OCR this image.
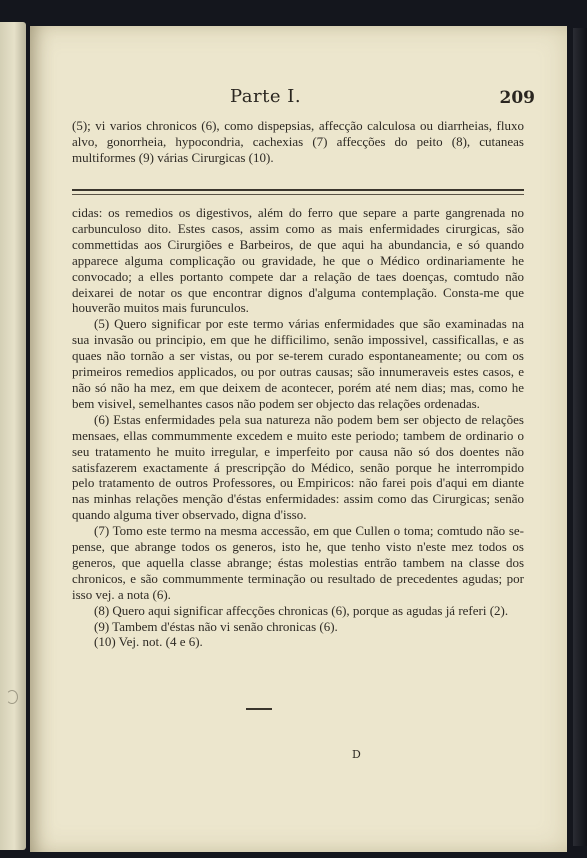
Parte I.	209

(5); vi varios chronicos (6), como dispepsias, affecção calculosa ou diarrheias, fluxo alvo, gonorrheia, hypocondria, cachexias (7) affecções do peito (8), cutaneas multiformes (9) várias Cirurgicas (10).

cidas: os remedios os digestivos, além do ferro que separe a parte gangrenada no carbunculoso dito. Estes casos, assim como as mais enfermidades cirurgicas, são commettidas aos Cirurgiões e Barbeiros, de que aqui ha abundancia, e só quando apparece alguma complicação ou gravidade, he que o Médico ordinariamente he convocado; a elles portanto compete dar a relação de taes doenças, comtudo não deixarei de notar os que encontrar dignos d'alguma contemplação. Consta-me que houverão muitos mais furunculos.

(5) Quero significar por este termo várias enfermidades que são examinadas na sua invasão ou principio, em que he difficilimo, senão impossivel, cassificallas, e as quaes não tornão a ser vistas, ou por se-terem curado espontaneamente; ou com os primeiros remedios applicados, ou por outras causas; são innumeraveis estes casos, e não só não ha mez, em que deixem de acontecer, porém até nem dias; mas, como he bem visivel, semelhantes casos não podem ser objecto das relações ordenadas.

(6) Estas enfermidades pela sua natureza não podem bem ser objecto de relações mensaes, ellas commummente excedem e muito este periodo; tambem de ordinario o seu tratamento he muito irregular, e imperfeito por causa não só dos doentes não satisfazerem exactamente á prescripção do Médico, senão porque he interrompido pelo tratamento de outros Professores, ou Empiricos: não farei pois d'aqui em diante nas minhas relações menção d'éstas enfermidades: assim como das Cirurgicas; senão quando alguma tiver observado, digna d'isso.

(7) Tomo este termo na mesma accessão, em que Cullen o toma; comtudo não se-pense, que abrange todos os generos, isto he, que tenho visto n'este mez todos os generos, que aquella classe abrange; éstas molestias entrão tambem na classe dos chronicos, e são commummente terminação ou resultado de precedentes agudas; por isso vej. a nota (6).

(8) Quero aqui significar affecções chronicas (6), porque as agudas já referi (2).

(9) Tambem d'éstas não vi senão chronicas (6).

(10) Vej. not. (4 e 6).

D
